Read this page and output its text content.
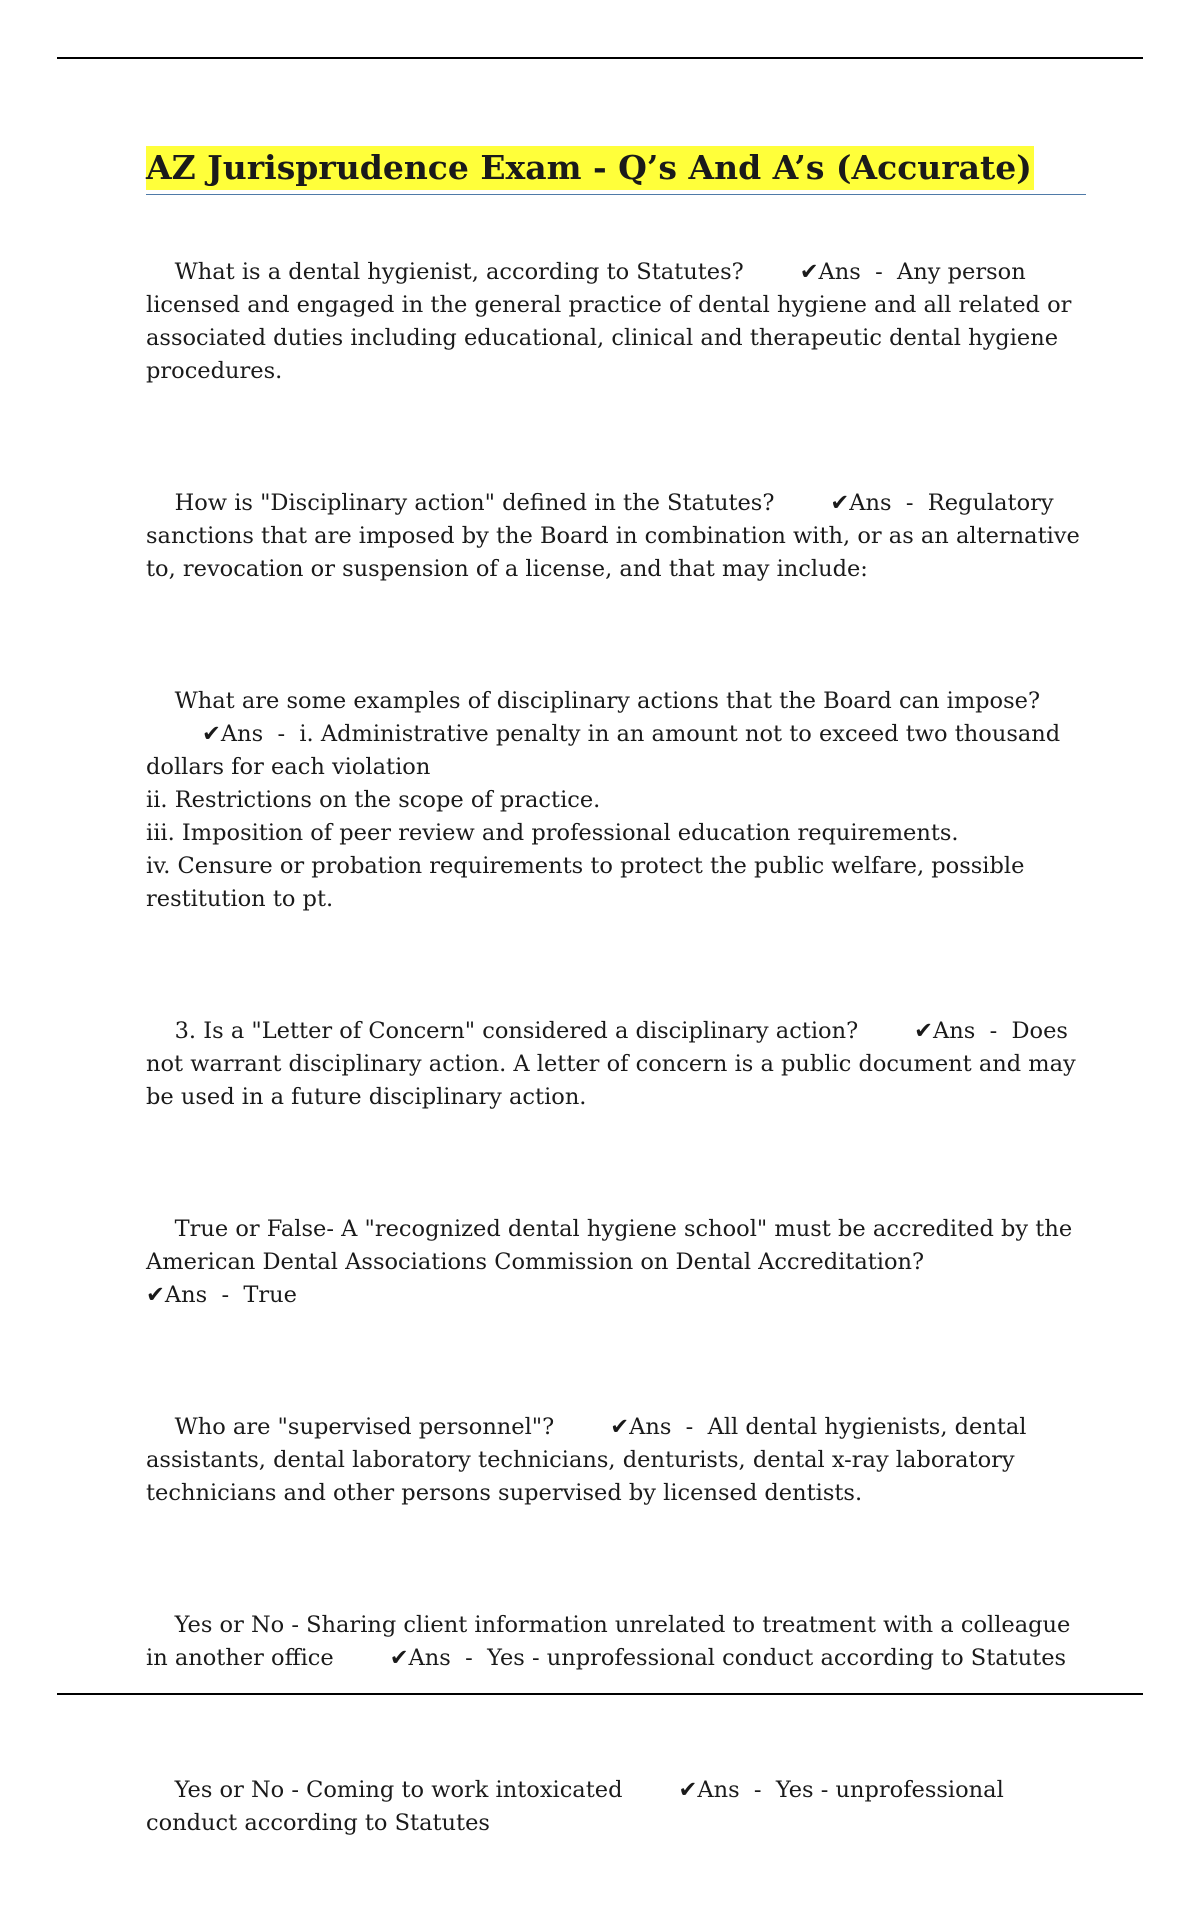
AZ Jurisprudence Exam - Q’s And A’s (Accurate)

What is a dental hygienist, according to Statutes? ✔Ans  -  Any person licensed and engaged in the general practice of dental hygiene and all related or associated duties including educational, clinical and therapeutic dental hygiene procedures.

How is "Disciplinary action" defined in the Statutes? ✔Ans  -  Regulatory sanctions that are imposed by the Board in combination with, or as an alternative to, revocation or suspension of a license, and that may include:

What are some examples of disciplinary actions that the Board can impose?✔Ans  -  i. Administrative penalty in an amount not to exceed two thousand dollars for each violation
ii. Restrictions on the scope of practice.
iii. Imposition of peer review and professional education requirements.
iv. Censure or probation requirements to protect the public welfare, possible restitution to pt.

3. Is a "Letter of Concern" considered a disciplinary action? ✔Ans  -  Does not warrant disciplinary action. A letter of concern is a public document and may be used in a future disciplinary action.

True or False- A "recognized dental hygiene school" must be accredited by the American Dental Associations Commission on Dental Accreditation?✔Ans  -  True

Who are "supervised personnel"? ✔Ans  -  All dental hygienists, dental assistants, dental laboratory technicians, denturists, dental x-ray laboratory technicians and other persons supervised by licensed dentists.

Yes or No - Sharing client information unrelated to treatment with a colleague in another office ✔Ans  -  Yes - unprofessional conduct according to Statutes

Yes or No - Coming to work intoxicated ✔Ans  -  Yes - unprofessional conduct according to Statutes
